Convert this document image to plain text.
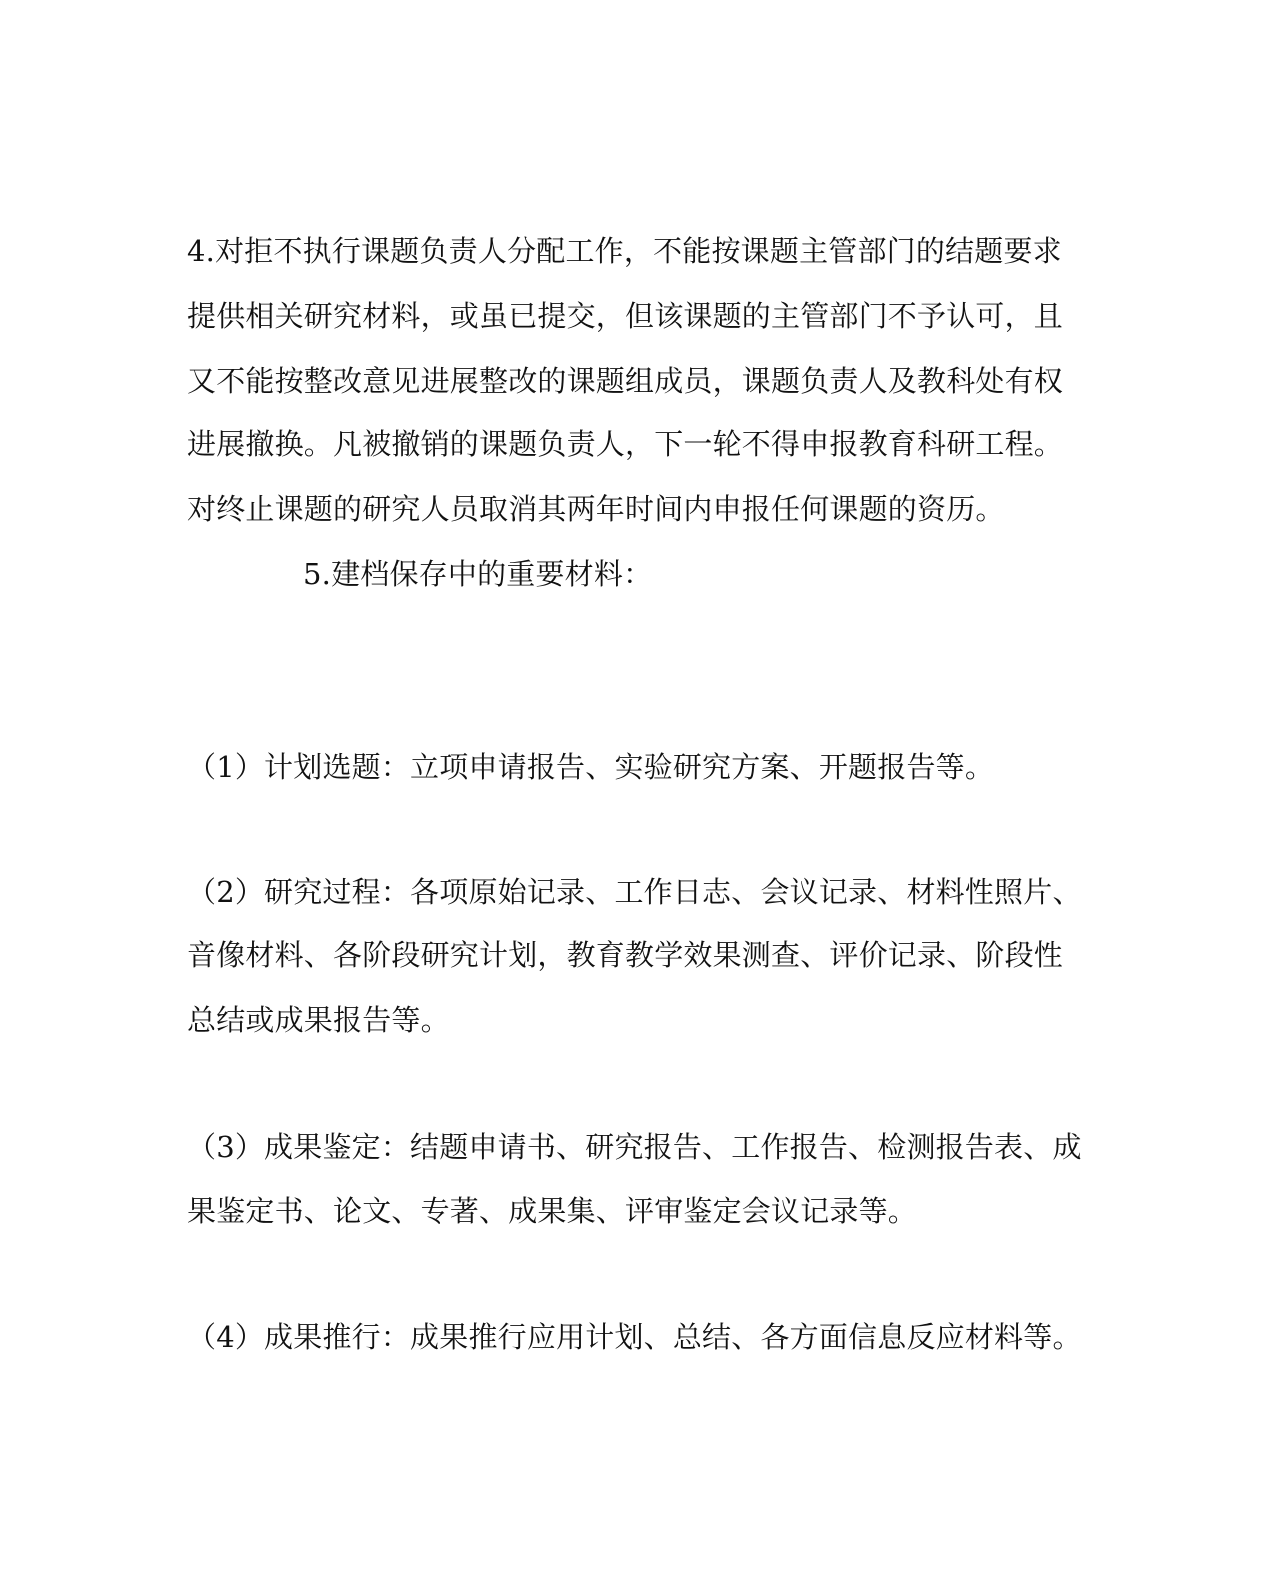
4.对拒不执行课题负责人分配工作，不能按课题主管部门的结题要求
提供相关研究材料，或虽已提交，但该课题的主管部门不予认可，且
又不能按整改意见进展整改的课题组成员，课题负责人及教科处有权
进展撤换。凡被撤销的课题负责人，下一轮不得申报教育科研工程。
对终止课题的研究人员取消其两年时间内申报任何课题的资历。
5.建档保存中的重要材料：
（1）计划选题：立项申请报告、实验研究方案、开题报告等。
（2）研究过程：各项原始记录、工作日志、会议记录、材料性照片、
音像材料、各阶段研究计划，教育教学效果测查、评价记录、阶段性
总结或成果报告等。
（3）成果鉴定：结题申请书、研究报告、工作报告、检测报告表、成
果鉴定书、论文、专著、成果集、评审鉴定会议记录等。
（4）成果推行：成果推行应用计划、总结、各方面信息反应材料等。
